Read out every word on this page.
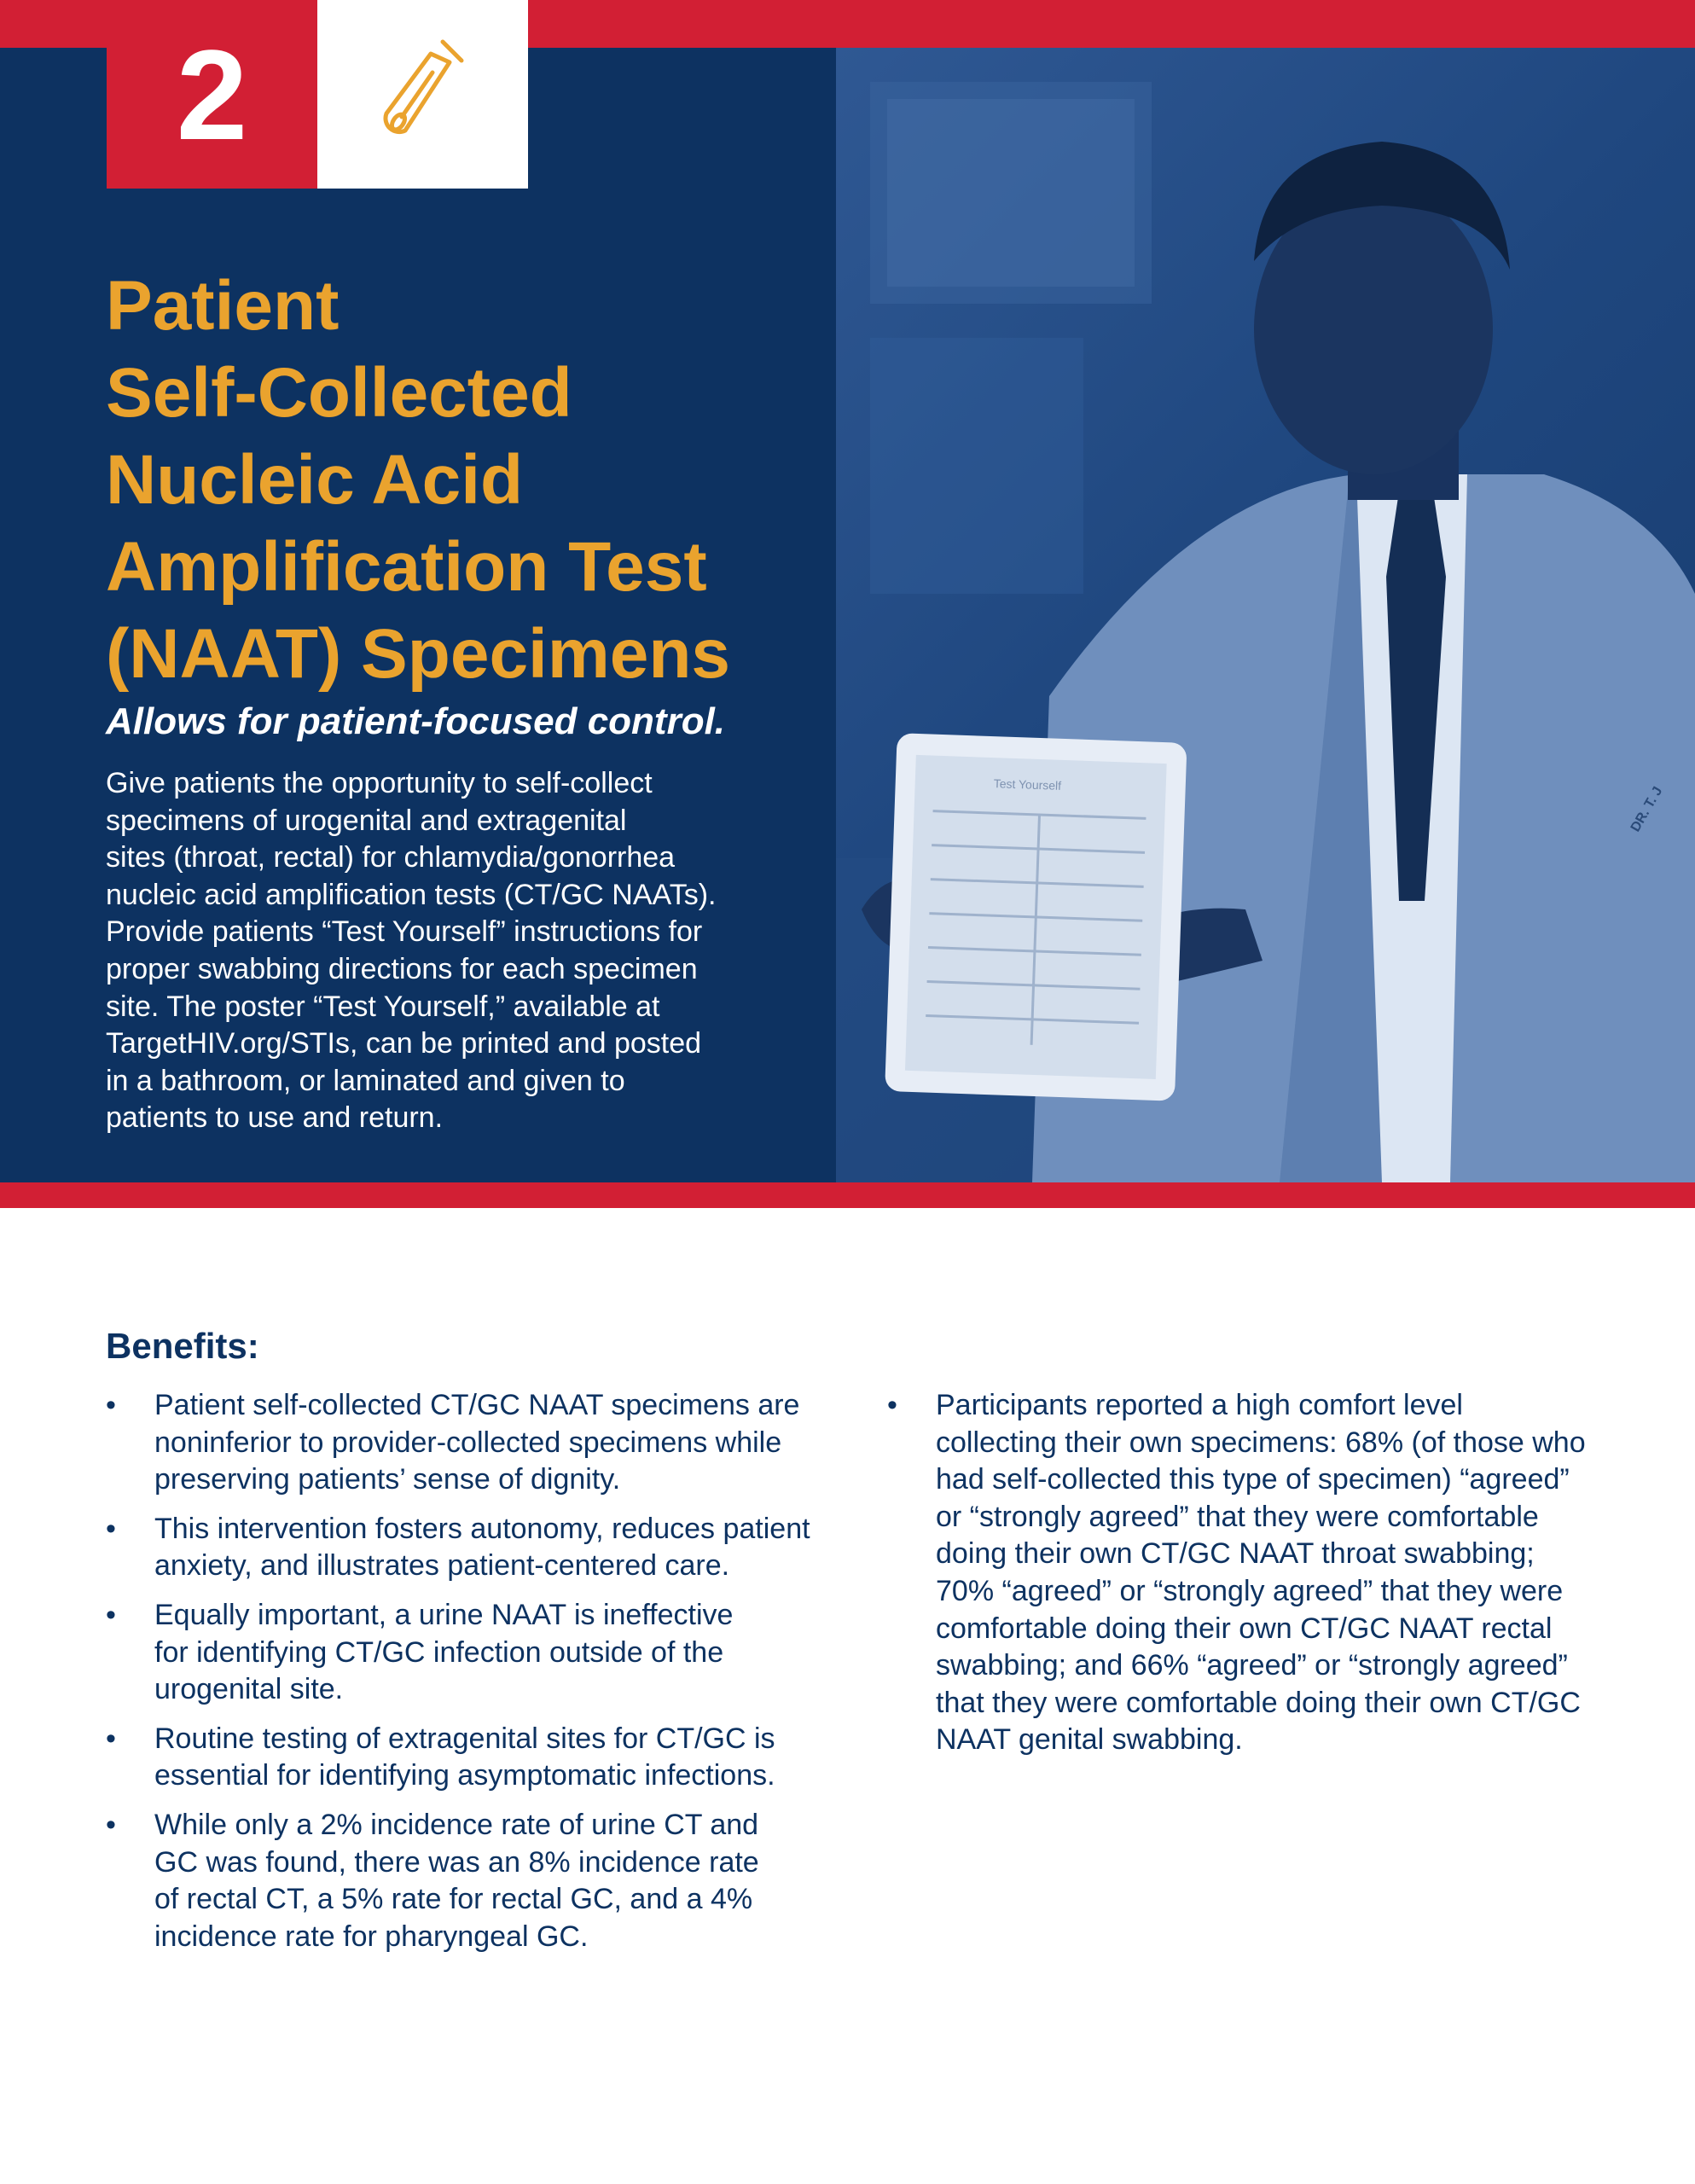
Test Yourself	DR. T. J
2
Patient
Self-Collected
Nucleic Acid
Amplification Test
(NAAT) Specimens

Allows for patient-focused control.

Give patients the opportunity to self-collect
specimens of urogenital and extragenital
sites (throat, rectal) for chlamydia/gonorrhea
nucleic acid amplification tests (CT/GC NAATs).
Provide patients “Test Yourself” instructions for
proper swabbing directions for each specimen
site. The poster “Test Yourself,” available at
TargetHIV.org/STIs, can be printed and posted
in a bathroom, or laminated and given to
patients to use and return.

Benefits:
• Patient self-collected CT/GC NAAT specimens are
noninferior to provider-collected specimens while
preserving patients’ sense of dignity.
• This intervention fosters autonomy, reduces patient
anxiety, and illustrates patient-centered care.
• Equally important, a urine NAAT is ineffective
for identifying CT/GC infection outside of the
urogenital site.
• Routine testing of extragenital sites for CT/GC is
essential for identifying asymptomatic infections.
• While only a 2% incidence rate of urine CT and
GC was found, there was an 8% incidence rate
of rectal CT, a 5% rate for rectal GC, and a 4%
incidence rate for pharyngeal GC.
• Participants reported a high comfort level
collecting their own specimens: 68% (of those who
had self-collected this type of specimen) “agreed”
or “strongly agreed” that they were comfortable
doing their own CT/GC NAAT throat swabbing;
70% “agreed” or “strongly agreed” that they were
comfortable doing their own CT/GC NAAT rectal
swabbing; and 66% “agreed” or “strongly agreed”
that they were comfortable doing their own CT/GC
NAAT genital swabbing.
